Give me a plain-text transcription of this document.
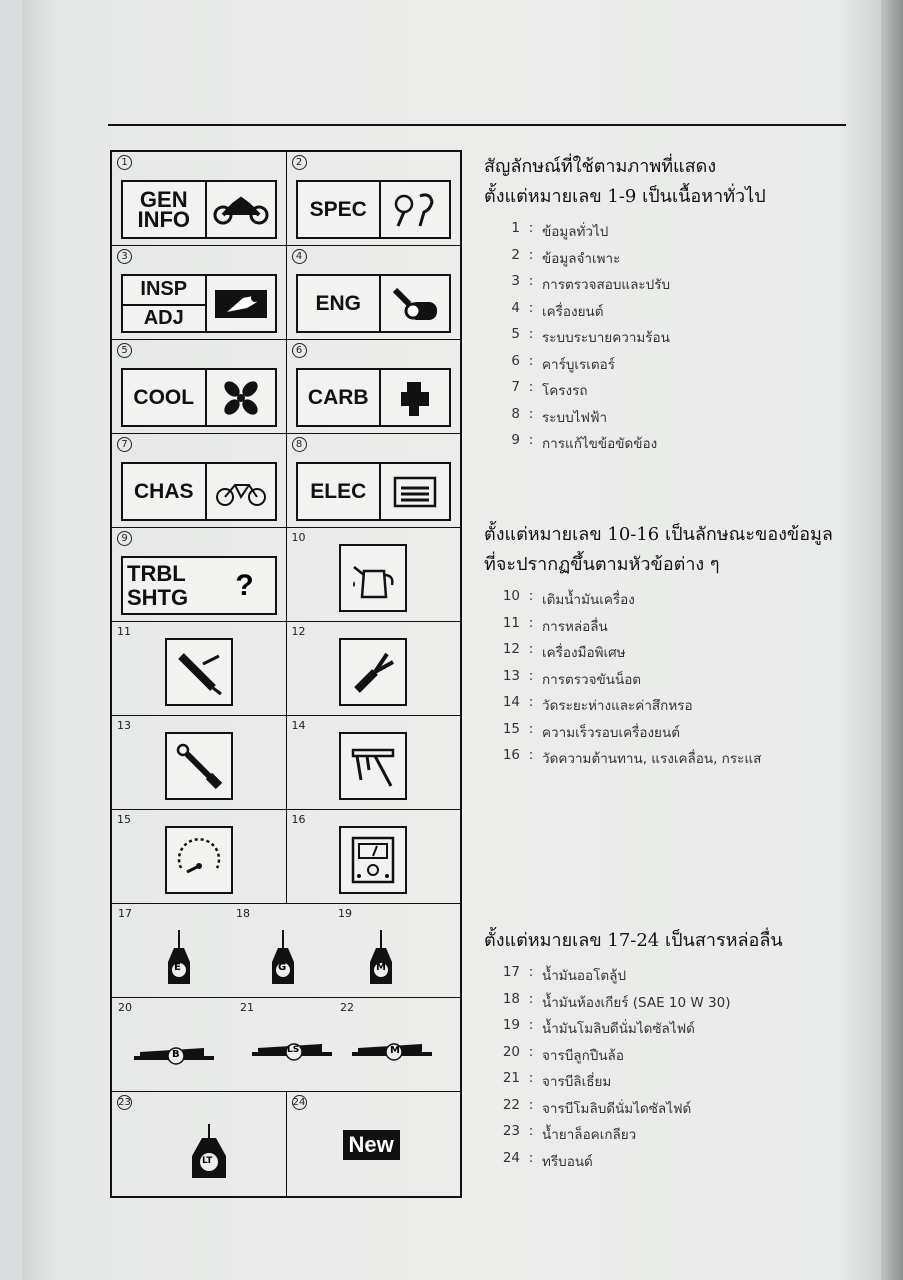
1
GEN
INFO
2
SPEC
3
INSP
ADJ
4
ENG
5
COOL
6
CARB
7
CHAS
8
ELEC
9
TRBL
SHTG	?
10
11	12
13	14
15	16
17	18	19
E	G	M
20	21	22
B	LS	M
23
LT
24
New
สัญลักษณ์ที่ใช้ตามภาพที่แสดง
ตั้งแต่หมายเลข 1-9 เป็นเนื้อหาทั่วไป
1 : ข้อมูลทั่วไป
2 : ข้อมูลจำเพาะ
3 : การตรวจสอบและปรับ
4 : เครื่องยนต์
5 : ระบบระบายความร้อน
6 : คาร์บูเรเตอร์
7 : โครงรถ
8 : ระบบไฟฟ้า
9 : การแก้ไขข้อขัดข้อง
ตั้งแต่หมายเลข 10-16 เป็นลักษณะของข้อมูล
ที่จะปรากฏขึ้นตามหัวข้อต่าง ๆ
10 : เติมน้ำมันเครื่อง
11 : การหล่อลื่น
12 : เครื่องมือพิเศษ
13 : การตรวจขันน็อต
14 : วัดระยะห่างและค่าสึกหรอ
15 : ความเร็วรอบเครื่องยนต์
16 : วัดความต้านทาน, แรงเคลื่อน, กระแส
ตั้งแต่หมายเลข 17-24 เป็นสารหล่อลื่น
17 : น้ำมันออโตลู้ป
18 : น้ำมันห้องเกียร์ (SAE 10 W 30)
19 : น้ำมันโมลิบดีนั่มไดซัลไฟด์
20 : จารบีลูกปืนล้อ
21 : จารบีลิเธี่ยม
22 : จารบีโมลิบดีนั่มไดซัลไฟด์
23 : น้ำยาล็อคเกลียว
24 : ทรีบอนด์
